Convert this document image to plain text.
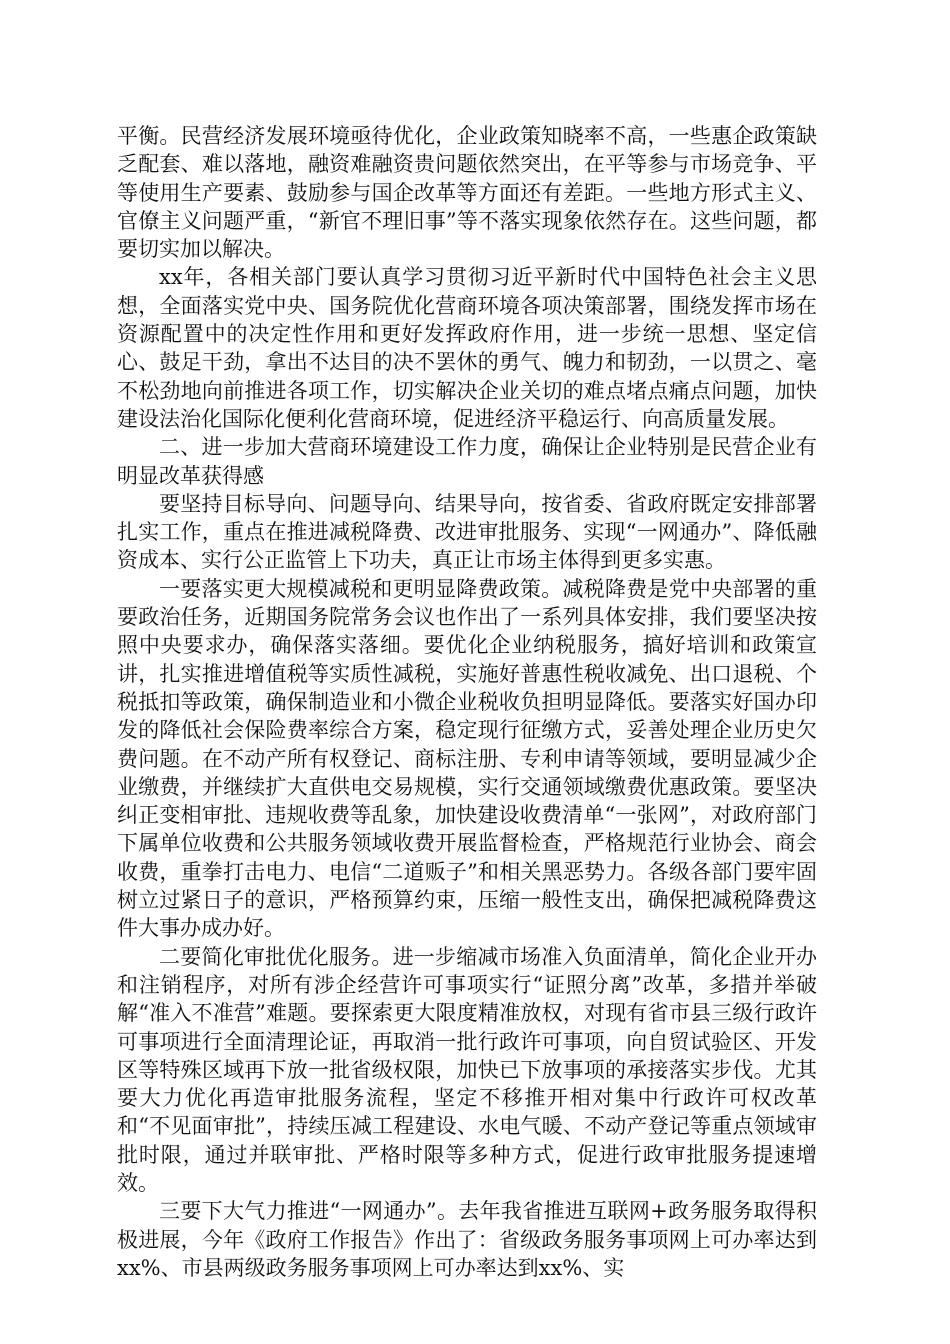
平衡。民营经济发展环境亟待优化，企业政策知晓率不高，一些惠企政策缺乏配套、难以落地，融资难融资贵问题依然突出，在平等参与市场竞争、平等使用生产要素、鼓励参与国企改革等方面还有差距。一些地方形式主义、官僚主义问题严重，“新官不理旧事”等不落实现象依然存在。这些问题，都要切实加以解决。

xx年，各相关部门要认真学习贯彻习近平新时代中国特色社会主义思想，全面落实党中央、国务院优化营商环境各项决策部署，围绕发挥市场在资源配置中的决定性作用和更好发挥政府作用，进一步统一思想、坚定信心、鼓足干劲，拿出不达目的决不罢休的勇气、魄力和韧劲，一以贯之、毫不松劲地向前推进各项工作，切实解决企业关切的难点堵点痛点问题，加快建设法治化国际化便利化营商环境，促进经济平稳运行、向高质量发展。

二、进一步加大营商环境建设工作力度，确保让企业特别是民营企业有明显改革获得感

要坚持目标导向、问题导向、结果导向，按省委、省政府既定安排部署扎实工作，重点在推进减税降费、改进审批服务、实现“一网通办”、降低融资成本、实行公正监管上下功夫，真正让市场主体得到更多实惠。

一要落实更大规模减税和更明显降费政策。减税降费是党中央部署的重要政治任务，近期国务院常务会议也作出了一系列具体安排，我们要坚决按照中央要求办，确保落实落细。要优化企业纳税服务，搞好培训和政策宣讲，扎实推进增值税等实质性减税，实施好普惠性税收减免、出口退税、个税抵扣等政策，确保制造业和小微企业税收负担明显降低。要落实好国办印发的降低社会保险费率综合方案，稳定现行征缴方式，妥善处理企业历史欠费问题。在不动产所有权登记、商标注册、专利申请等领域，要明显减少企业缴费，并继续扩大直供电交易规模，实行交通领域缴费优惠政策。要坚决纠正变相审批、违规收费等乱象，加快建设收费清单“一张网”，对政府部门下属单位收费和公共服务领域收费开展监督检查，严格规范行业协会、商会收费，重拳打击电力、电信“二道贩子”和相关黑恶势力。各级各部门要牢固树立过紧日子的意识，严格预算约束，压缩一般性支出，确保把减税降费这件大事办成办好。

二要简化审批优化服务。进一步缩减市场准入负面清单，简化企业开办和注销程序，对所有涉企经营许可事项实行“证照分离”改革，多措并举破解“准入不准营”难题。要探索更大限度精准放权，对现有省市县三级行政许可事项进行全面清理论证，再取消一批行政许可事项，向自贸试验区、开发区等特殊区域再下放一批省级权限，加快已下放事项的承接落实步伐。尤其要大力优化再造审批服务流程，坚定不移推开相对集中行政许可权改革和“不见面审批”，持续压减工程建设、水电气暖、不动产登记等重点领域审批时限，通过并联审批、严格时限等多种方式，促进行政审批服务提速增效。

三要下大气力推进“一网通办”。去年我省推进互联网+政务服务取得积极进展，今年《政府工作报告》作出了：省级政务服务事项网上可办率达到xx%、市县两级政务服务事项网上可办率达到xx%、实
